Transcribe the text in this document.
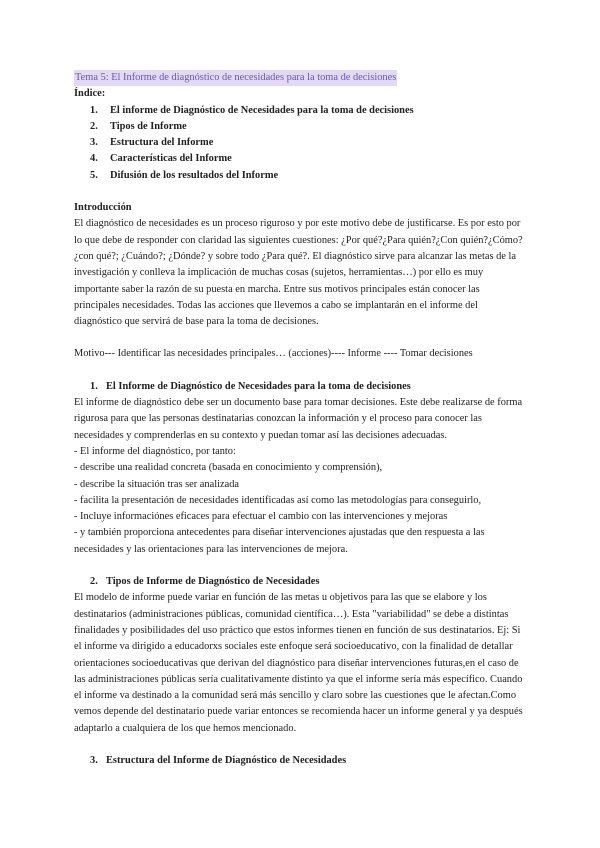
Tema 5: El Informe de diagnóstico de necesidades para la toma de decisiones
Índice:
1. El informe de Diagnóstico de Necesidades para la toma de decisiones
2. Tipos de Informe
3. Estructura del Informe
4. Características del Informe
5. Difusión de los resultados del Informe
Introducción

El diagnóstico de necesidades es un proceso riguroso y por este motivo debe de justificarse. Es por esto por lo que debe de responder con claridad las siguientes cuestiones: ¿Por qué?¿Para quién?¿Con quién?¿Cómo?¿con qué?; ¿Cuándo?; ¿Dónde? y sobre todo ¿Para qué?. El diagnóstico sirve para alcanzar las metas de la investigación y conlleva la implicación de muchas cosas (sujetos, herramientas…) por ello es muy importante saber la razón de su puesta en marcha. Entre sus motivos principales están conocer las principales necesidades. Todas las acciones que llevemos a cabo se implantarán en el informe del diagnóstico que servirá de base para la toma de decisiones.

Motivo--- Identificar las necesidades principales… (acciones)---- Informe ---- Tomar decisiones

1. El Informe de Diagnóstico de Necesidades para la toma de decisiones

El informe de diagnóstico debe ser un documento base para tomar decisiones. Este debe realizarse de forma rigurosa para que las personas destinatarias conozcan la información y el proceso para conocer las necesidades y comprenderlas en su contexto y puedan tomar así las decisiones adecuadas.

- El informe del diagnóstico, por tanto:

- describe una realidad concreta (basada en conocimiento y comprensión),

- describe la situación tras ser analizada

- facilita la presentación de necesidades identificadas así como las metodologías para conseguirlo,

- Incluye informaciónes eficaces para efectuar el cambio con las intervenciones y mejoras

- y también proporciona antecedentes para diseñar intervenciones ajustadas que den respuesta a las necesidades y las orientaciones para las intervenciones de mejora.

2. Tipos de Informe de Diagnóstico de Necesidades

El modelo de informe puede variar en función de las metas u objetivos para las que se elabore y los destinatarios (administraciones públicas, comunidad científica…). Esta "variabilidad" se debe a distintas finalidades y posibilidades del uso práctico que estos informes tienen en función de sus destinatarios. Ej: Si el informe va dirigido a educadorxs sociales este enfoque será socioeducativo, con la finalidad de detallar orientaciones socioeducativas que derivan del diagnóstico para diseñar intervenciones futuras,en el caso de las administraciones públicas sería cualitativamente distinto ya que el informe sería más específico. Cuando el informe va destinado a la comunidad será más sencillo y claro sobre las cuestiones que le afectan.Como vemos depende del destinatario puede variar entonces se recomienda hacer un informe general y ya después adaptarlo a cualquiera de los que hemos mencionado.

3. Estructura del Informe de Diagnóstico de Necesidades
